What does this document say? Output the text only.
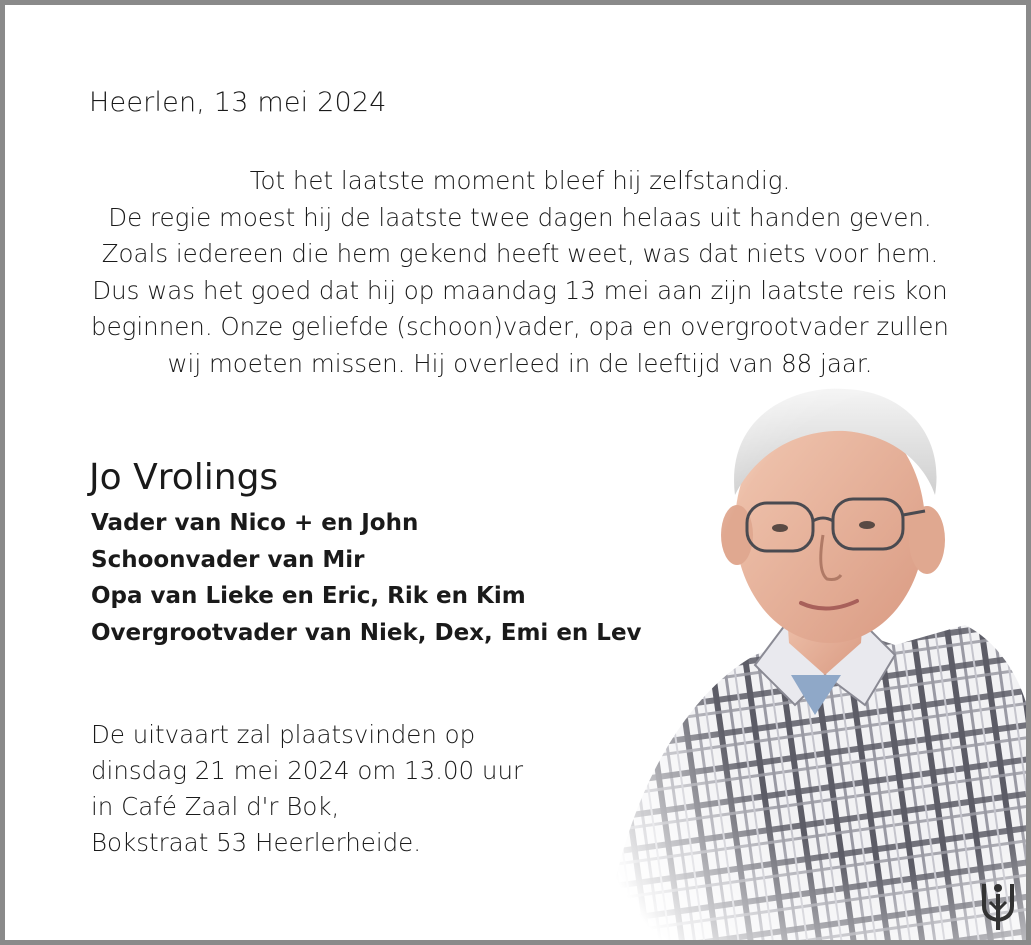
Heerlen, 13 mei 2024
Tot het laatste moment bleef hij zelfstandig.
De regie moest hij de laatste twee dagen helaas uit handen geven.
Zoals iedereen die hem gekend heeft weet, was dat niets voor hem.
Dus was het goed dat hij op maandag 13 mei aan zijn laatste reis kon
beginnen. Onze geliefde (schoon)vader, opa en overgrootvader zullen
wij moeten missen. Hij overleed in de leeftijd van 88 jaar.
Jo Vrolings
Vader van Nico + en John
Schoonvader van Mir
Opa van Lieke en Eric, Rik en Kim
Overgrootvader van Niek, Dex, Emi en Lev
De uitvaart zal plaatsvinden op
dinsdag 21 mei 2024 om 13.00 uur
in Café Zaal d'r Bok,
Bokstraat 53 Heerlerheide.
